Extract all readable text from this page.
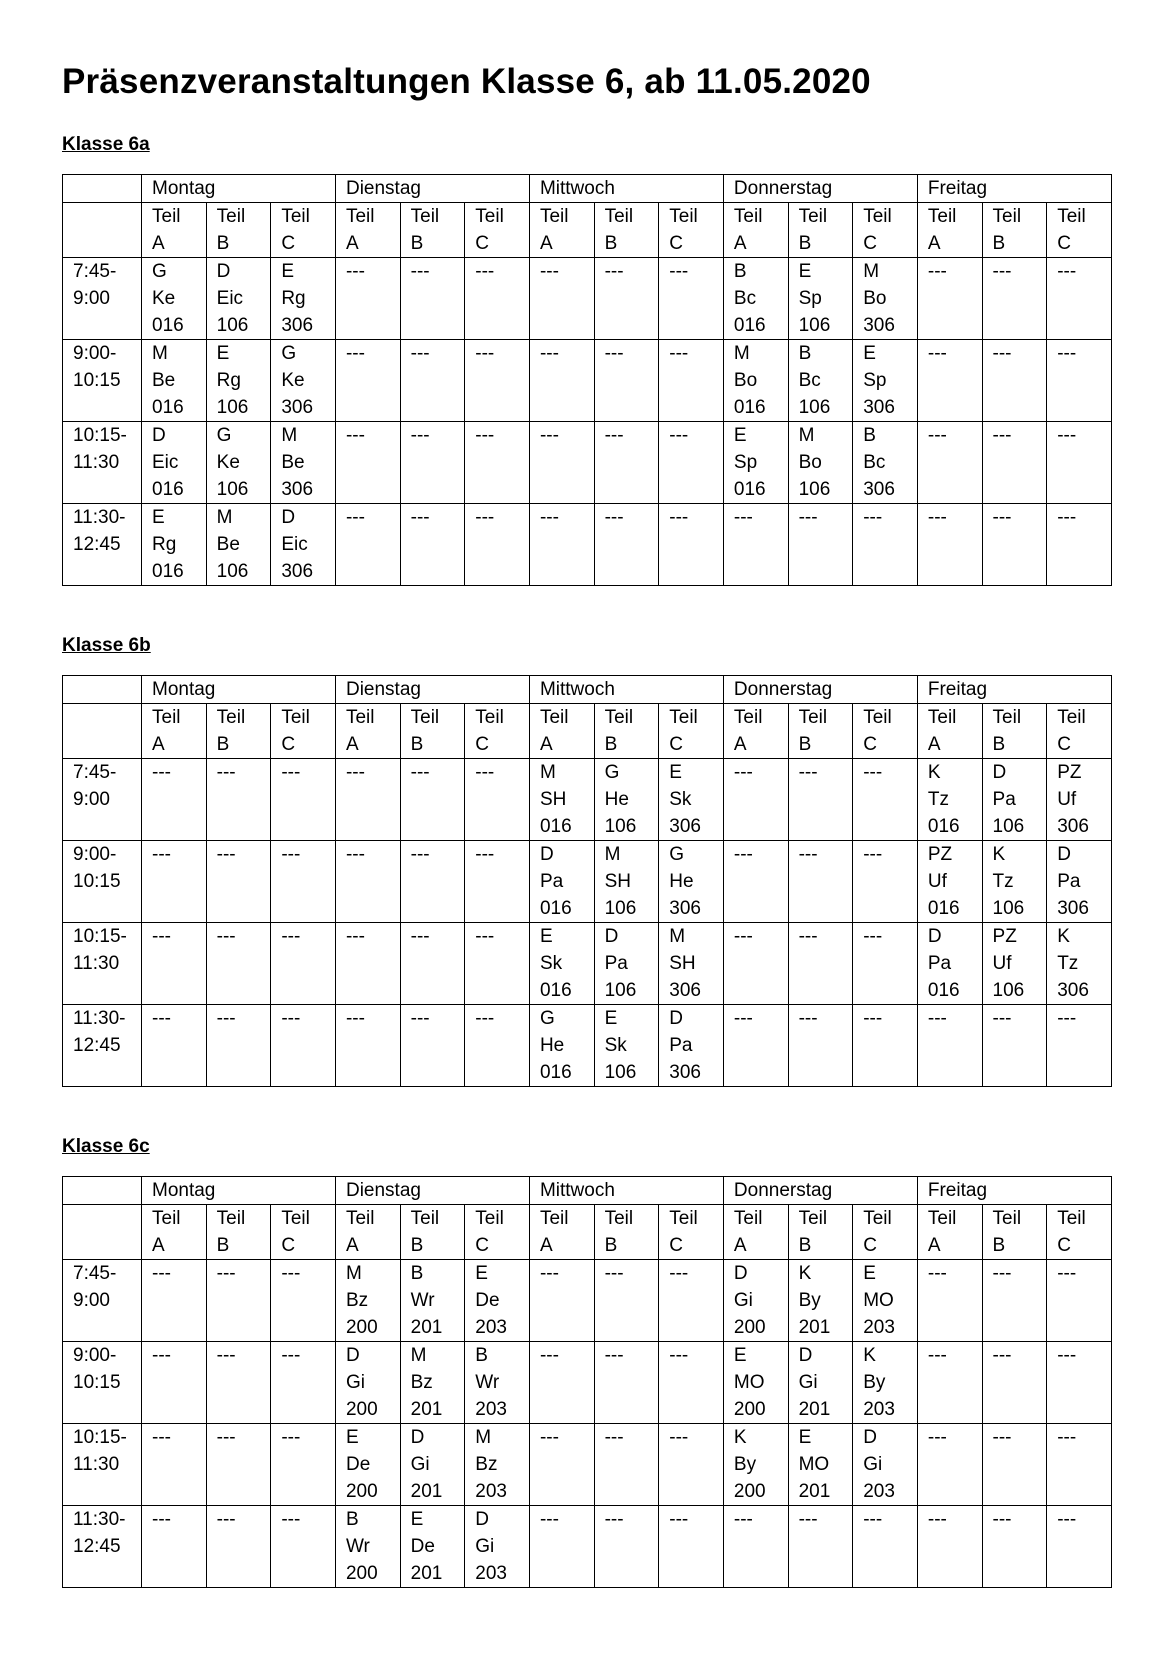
Präsenzveranstaltungen Klasse 6, ab 11.05.2020
Klasse 6a
	Montag			Dienstag			Mittwoch			Donnerstag			Freitag		
	Teil
A	Teil
B	Teil
C	Teil
A	Teil
B	Teil
C	Teil
A	Teil
B	Teil
C	Teil
A	Teil
B	Teil
C	Teil
A	Teil
B	Teil
C
7:45-
9:00	G
Ke
016	D
Eic
106	E
Rg
306	---	---	---	---	---	---	B
Bc
016	E
Sp
106	M
Bo
306	---	---	---
9:00-
10:15	M
Be
016	E
Rg
106	G
Ke
306	---	---	---	---	---	---	M
Bo
016	B
Bc
106	E
Sp
306	---	---	---
10:15-
11:30	D
Eic
016	G
Ke
106	M
Be
306	---	---	---	---	---	---	E
Sp
016	M
Bo
106	B
Bc
306	---	---	---
11:30-
12:45	E
Rg
016	M
Be
106	D
Eic
306	---	---	---	---	---	---	---	---	---	---	---	---
Klasse 6b
	Montag			Dienstag			Mittwoch			Donnerstag			Freitag		
	Teil
A	Teil
B	Teil
C	Teil
A	Teil
B	Teil
C	Teil
A	Teil
B	Teil
C	Teil
A	Teil
B	Teil
C	Teil
A	Teil
B	Teil
C
7:45-
9:00	---	---	---	---	---	---	M
SH
016	G
He
106	E
Sk
306	---	---	---	K
Tz
016	D
Pa
106	PZ
Uf
306
9:00-
10:15	---	---	---	---	---	---	D
Pa
016	M
SH
106	G
He
306	---	---	---	PZ
Uf
016	K
Tz
106	D
Pa
306
10:15-
11:30	---	---	---	---	---	---	E
Sk
016	D
Pa
106	M
SH
306	---	---	---	D
Pa
016	PZ
Uf
106	K
Tz
306
11:30-
12:45	---	---	---	---	---	---	G
He
016	E
Sk
106	D
Pa
306	---	---	---	---	---	---
Klasse 6c
	Montag			Dienstag			Mittwoch			Donnerstag			Freitag		
	Teil
A	Teil
B	Teil
C	Teil
A	Teil
B	Teil
C	Teil
A	Teil
B	Teil
C	Teil
A	Teil
B	Teil
C	Teil
A	Teil
B	Teil
C
7:45-
9:00	---	---	---	M
Bz
200	B
Wr
201	E
De
203	---	---	---	D
Gi
200	K
By
201	E
MO
203	---	---	---
9:00-
10:15	---	---	---	D
Gi
200	M
Bz
201	B
Wr
203	---	---	---	E
MO
200	D
Gi
201	K
By
203	---	---	---
10:15-
11:30	---	---	---	E
De
200	D
Gi
201	M
Bz
203	---	---	---	K
By
200	E
MO
201	D
Gi
203	---	---	---
11:30-
12:45	---	---	---	B
Wr
200	E
De
201	D
Gi
203	---	---	---	---	---	---	---	---	---
